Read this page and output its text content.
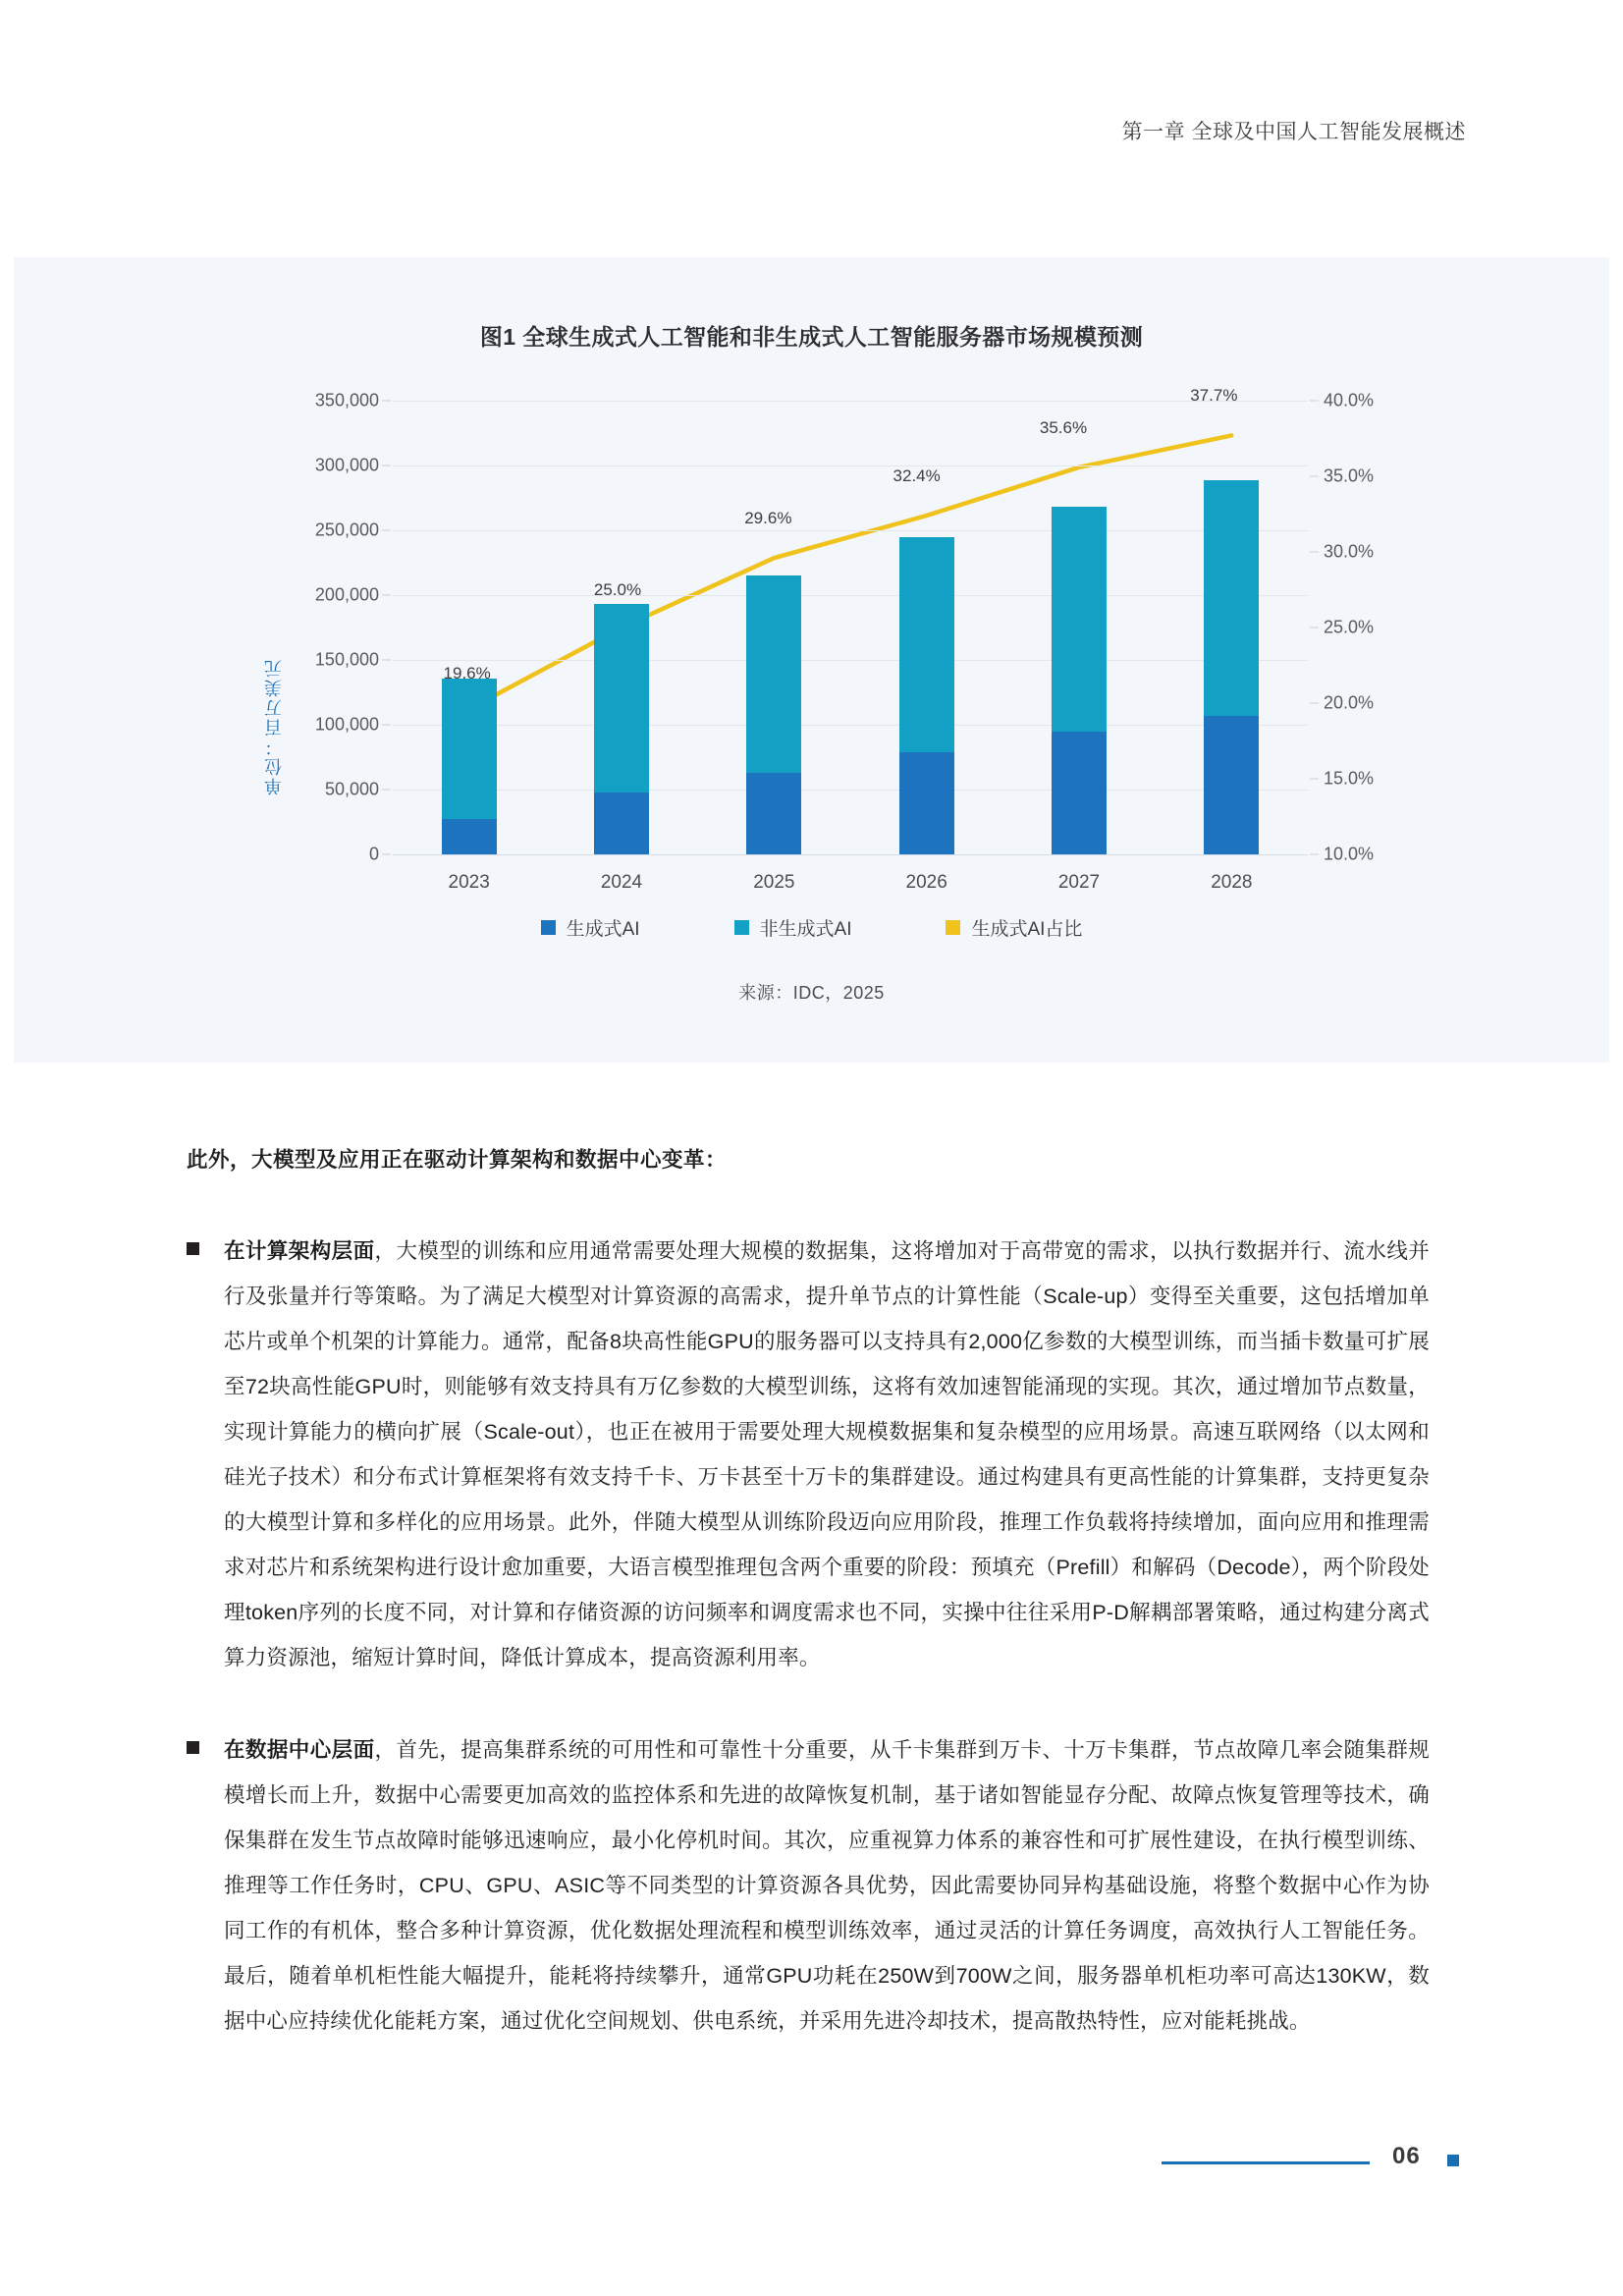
第一章 全球及中国人工智能发展概述
图1 全球生成式人工智能和非生成式人工智能服务器市场规模预测
单位：百万美元
0
50,000
100,000
150,000
200,000
250,000
300,000
350,000
10.0%
15.0%
20.0%
25.0%
30.0%
35.0%
40.0%
2023	2024	2025	2026	2027	2028
19.6%
25.0%
29.6%
32.4%
35.6%
37.7%
生成式AI	非生成式AI	生成式AI占比
来源：IDC，2025

此外，大模型及应用正在驱动计算架构和数据中心变革：

在计算架构层面，大模型的训练和应用通常需要处理大规模的数据集，这将增加对于高带宽的需求，以执行数据并行、流水线并行及张量并行等策略。为了满足大模型对计算资源的高需求，提升单节点的计算性能（Scale-up）变得至关重要，这包括增加单芯片或单个机架的计算能力。通常，配备8块高性能GPU的服务器可以支持具有2,000亿参数的大模型训练，而当插卡数量可扩展至72块高性能GPU时，则能够有效支持具有万亿参数的大模型训练，这将有效加速智能涌现的实现。其次，通过增加节点数量，实现计算能力的横向扩展（Scale-out），也正在被用于需要处理大规模数据集和复杂模型的应用场景。高速互联网络（以太网和硅光子技术）和分布式计算框架将有效支持千卡、万卡甚至十万卡的集群建设。通过构建具有更高性能的计算集群，支持更复杂的大模型计算和多样化的应用场景。此外，伴随大模型从训练阶段迈向应用阶段，推理工作负载将持续增加，面向应用和推理需求对芯片和系统架构进行设计愈加重要，大语言模型推理包含两个重要的阶段：预填充（Prefill）和解码（Decode），两个阶段处理token序列的长度不同，对计算和存储资源的访问频率和调度需求也不同，实操中往往采用P-D解耦部署策略，通过构建分离式算力资源池，缩短计算时间，降低计算成本，提高资源利用率。
在数据中心层面，首先，提高集群系统的可用性和可靠性十分重要，从千卡集群到万卡、十万卡集群，节点故障几率会随集群规模增长而上升，数据中心需要更加高效的监控体系和先进的故障恢复机制，基于诸如智能显存分配、故障点恢复管理等技术，确保集群在发生节点故障时能够迅速响应，最小化停机时间。其次，应重视算力体系的兼容性和可扩展性建设，在执行模型训练、推理等工作任务时，CPU、GPU、ASIC等不同类型的计算资源各具优势，因此需要协同异构基础设施，将整个数据中心作为协同工作的有机体，整合多种计算资源，优化数据处理流程和模型训练效率，通过灵活的计算任务调度，高效执行人工智能任务。最后，随着单机柜性能大幅提升，能耗将持续攀升，通常GPU功耗在250W到700W之间，服务器单机柜功率可高达130KW，数据中心应持续优化能耗方案，通过优化空间规划、供电系统，并采用先进冷却技术，提高散热特性，应对能耗挑战。
06
